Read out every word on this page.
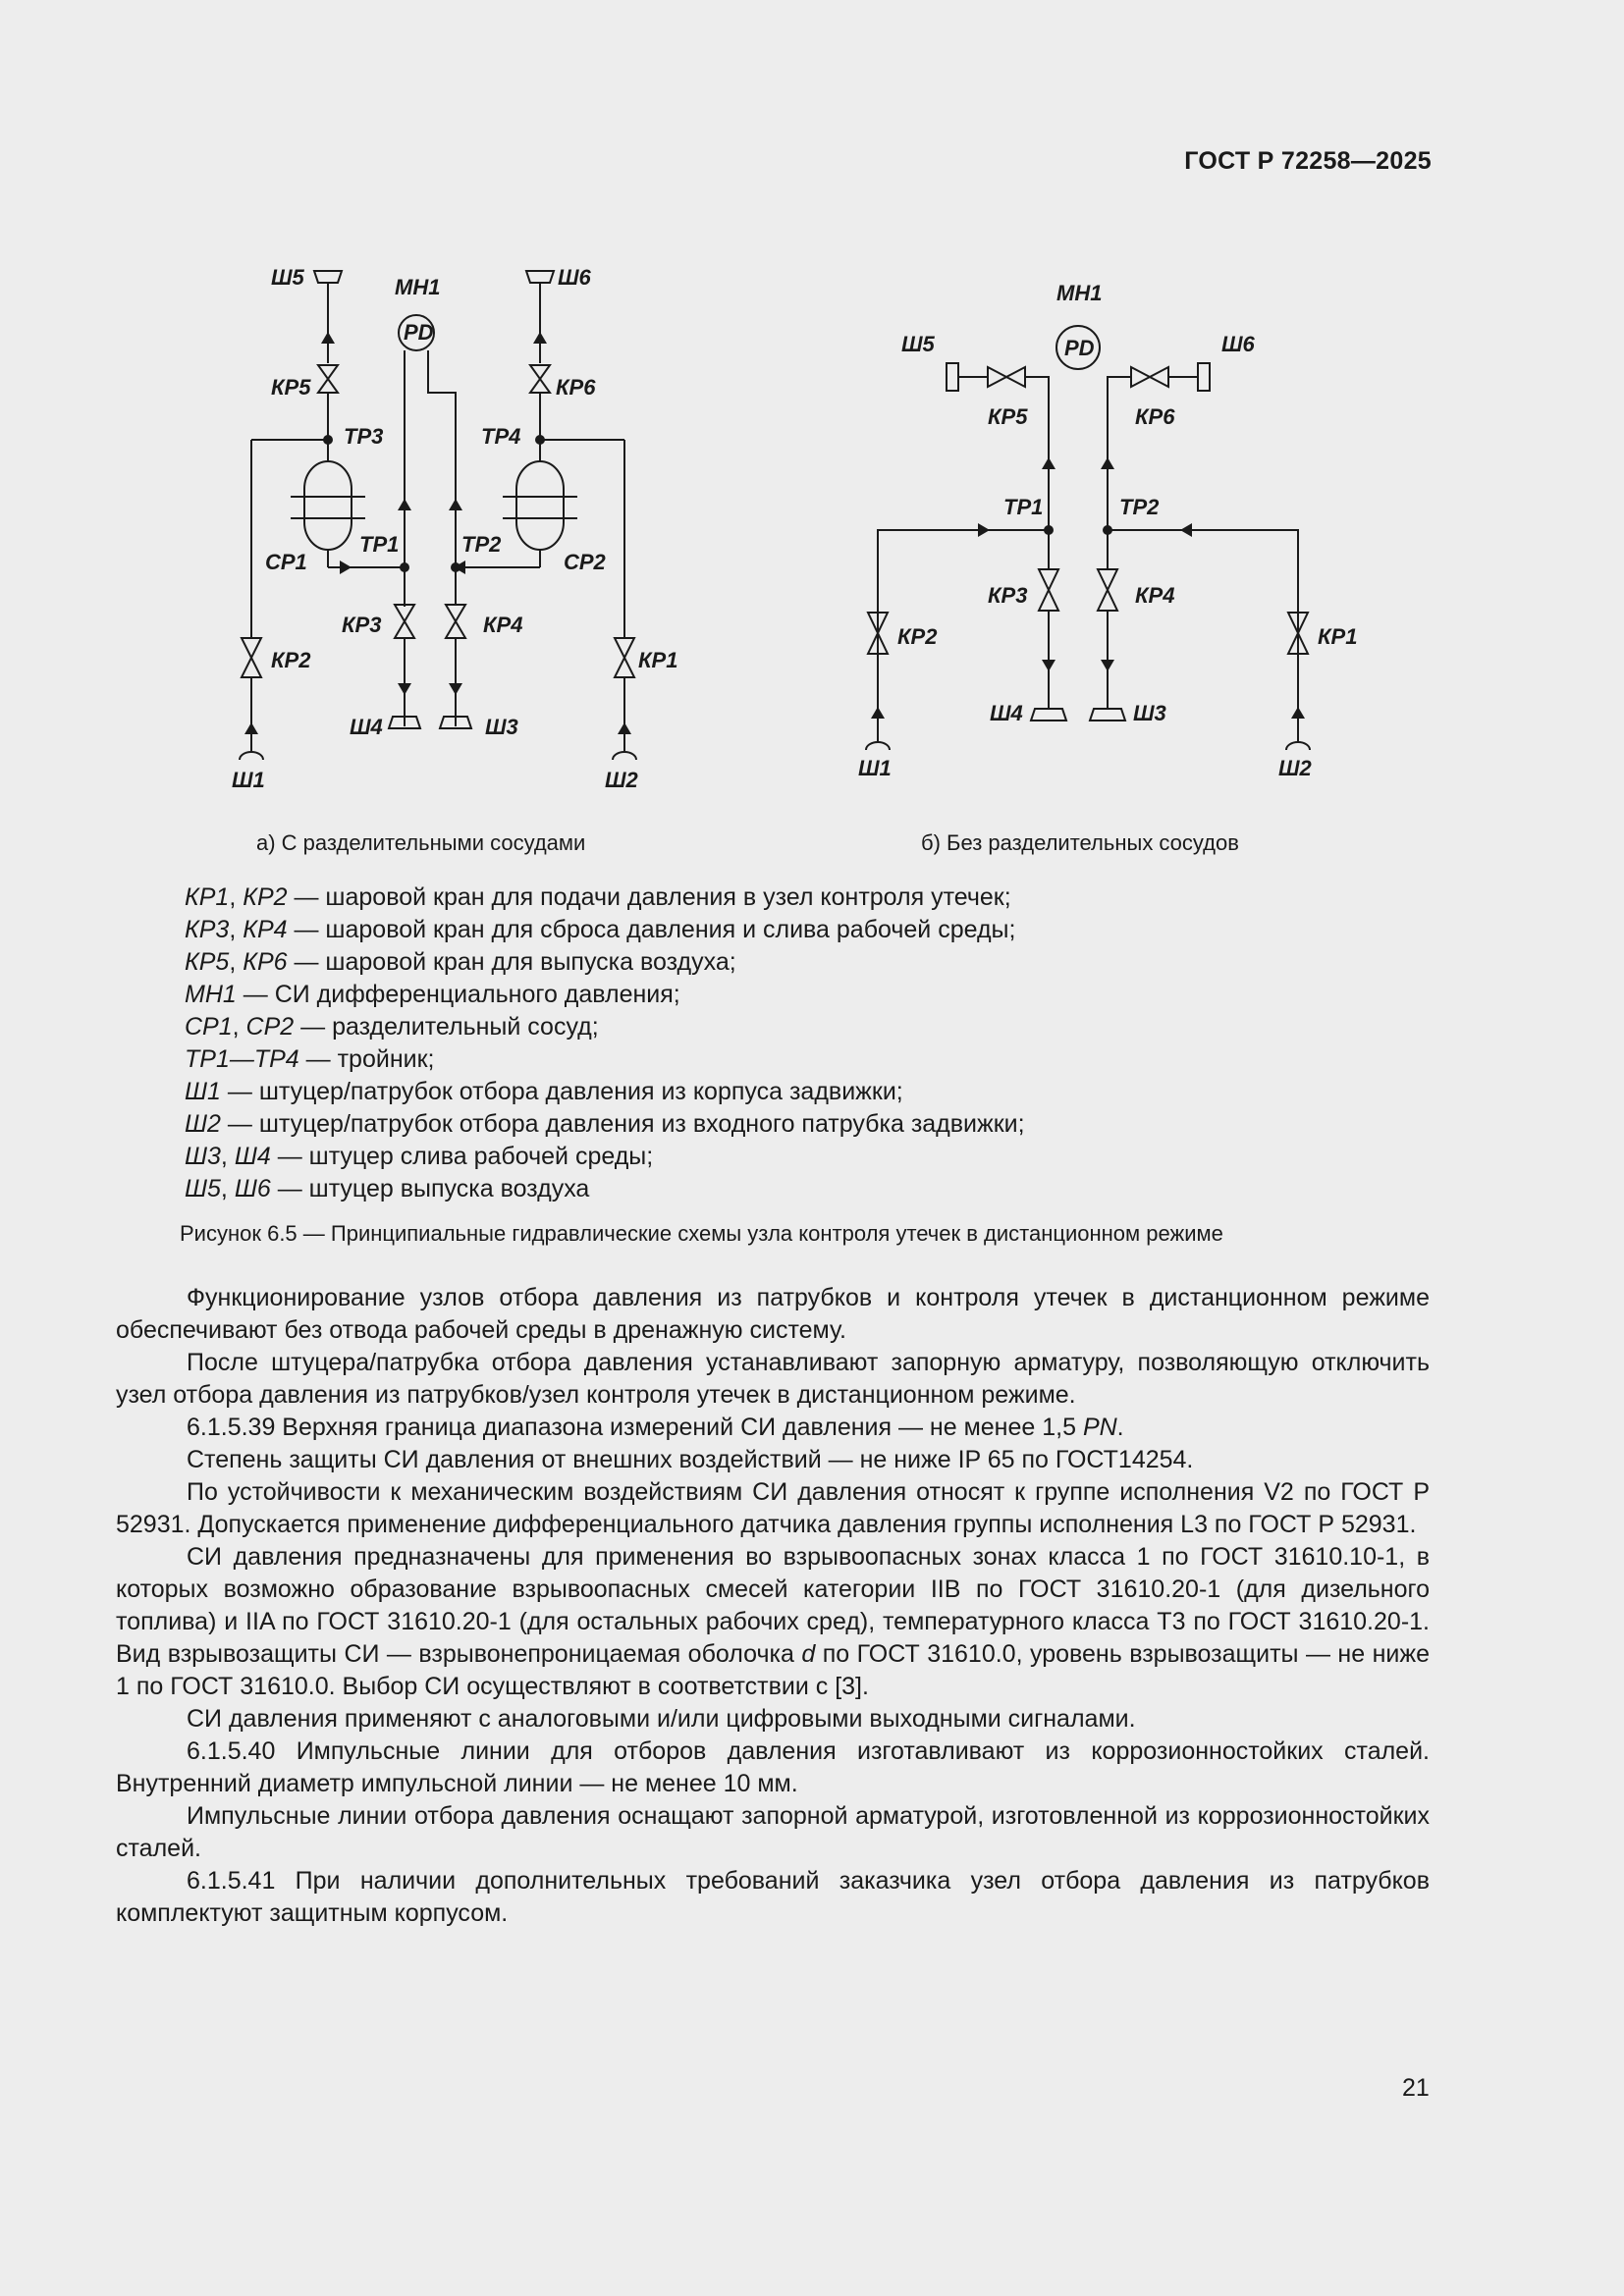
ГОСТ Р 72258—2025
Ш5	МН1
PD
Ш6
КР5	КР6
ТР3	ТР4
ТР1	ТР2
СР1	СР2
КР3	КР4
КР2	КР1
Ш4	Ш3
Ш1	Ш2
МН1
PD
Ш5	Ш6
КР5	КР6
ТР1	ТР2
КР3	КР4
КР2	КР1
Ш4	Ш3
Ш1	Ш2
а) С разделительными сосудами	б) Без разделительных сосудов
КР1, КР2 — шаровой кран для подачи давления в узел контроля утечек;
КР3, КР4 — шаровой кран для сброса давления и слива рабочей среды;
КР5, КР6 — шаровой кран для выпуска воздуха;
МН1 — СИ дифференциального давления;
СР1, СР2 — разделительный сосуд;
ТР1—ТР4 — тройник;
Ш1 — штуцер/патрубок отбора давления из корпуса задвижки;
Ш2 — штуцер/патрубок отбора давления из входного патрубка задвижки;
Ш3, Ш4 — штуцер слива рабочей среды;
Ш5, Ш6 — штуцер выпуска воздуха
Рисунок 6.5 — Принципиальные гидравлические схемы узла контроля утечек в дистанционном режиме

Функционирование узлов отбора давления из патрубков и контроля утечек в дистанционном режиме обеспечивают без отвода рабочей среды в дренажную систему.

После штуцера/патрубка отбора давления устанавливают запорную арматуру, позволяющую отключить узел отбора давления из патрубков/узел контроля утечек в дистанционном режиме.

6.1.5.39 Верхняя граница диапазона измерений СИ давления — не менее 1,5 PN.

Степень защиты СИ давления от внешних воздействий — не ниже IP 65 по ГОСТ14254.

По устойчивости к механическим воздействиям СИ давления относят к группе исполнения V2 по ГОСТ Р 52931. Допускается применение дифференциального датчика давления группы исполнения L3 по ГОСТ Р 52931.

СИ давления предназначены для применения во взрывоопасных зонах класса 1 по ГОСТ 31610.10-1, в которых возможно образование взрывоопасных смесей категории IIB по ГОСТ 31610.20-1 (для дизельного топлива) и IIA по ГОСТ 31610.20-1 (для остальных рабочих сред), температурного класса Т3 по ГОСТ 31610.20-1. Вид взрывозащиты СИ — взрывонепроницаемая оболочка d по ГОСТ 31610.0, уровень взрывозащиты — не ниже 1 по ГОСТ 31610.0. Выбор СИ осуществляют в соответствии с [3].

СИ давления применяют с аналоговыми и/или цифровыми выходными сигналами.

6.1.5.40 Импульсные линии для отборов давления изготавливают из коррозионностойких сталей. Внутренний диаметр импульсной линии — не менее 10 мм.

Импульсные линии отбора давления оснащают запорной арматурой, изготовленной из коррозионностойких сталей.

6.1.5.41 При наличии дополнительных требований заказчика узел отбора давления из патрубков комплектуют защитным корпусом.

21
